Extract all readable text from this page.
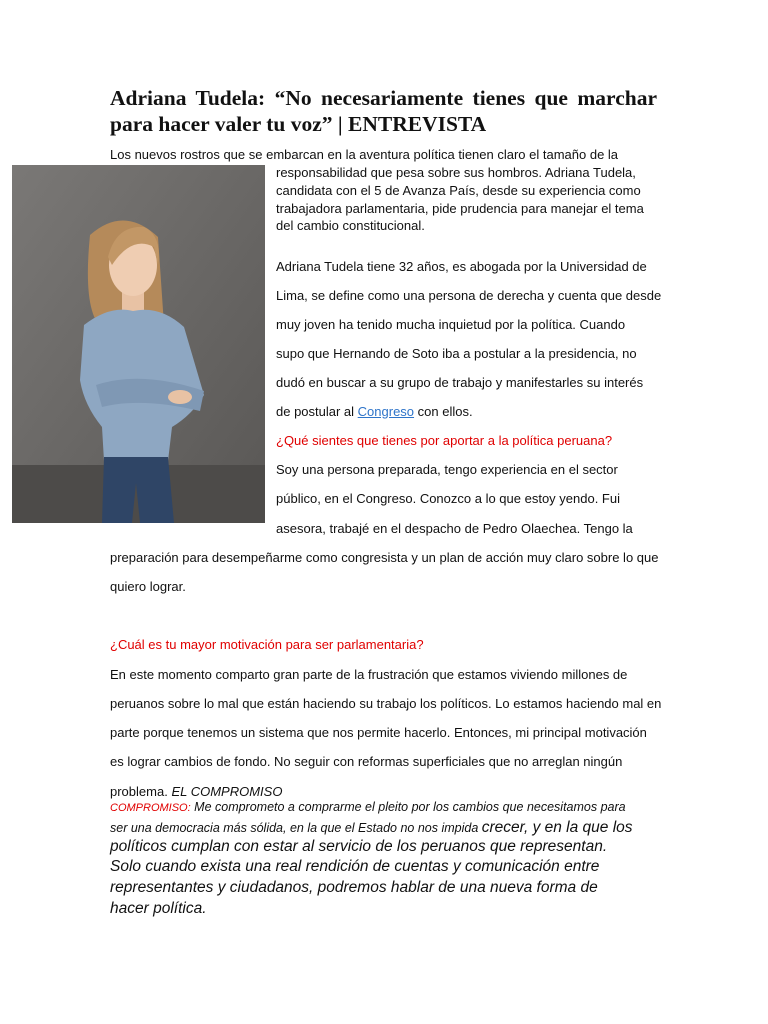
Adriana Tudela: “No necesariamente tienes que marchar para hacer valer tu voz” | ENTREVISTA

Los nuevos rostros que se embarcan en la aventura política tienen claro el tamaño de la

responsabilidad que pesa sobre sus hombros. Adriana Tudela,

candidata con el 5 de Avanza País, desde su experiencia como

trabajadora parlamentaria, pide prudencia para manejar el tema

del cambio constitucional.

Adriana Tudela tiene 32 años, es abogada por la Universidad de

Lima, se define como una persona de derecha y cuenta que desde

muy joven ha tenido mucha inquietud por la política. Cuando

supo que Hernando de Soto iba a postular a la presidencia, no

dudó en buscar a su grupo de trabajo y manifestarles su interés

de postular al Congreso con ellos.

¿Qué sientes que tienes por aportar a la política peruana?

Soy una persona preparada, tengo experiencia en el sector

público, en el Congreso. Conozco a lo que estoy yendo. Fui

asesora, trabajé en el despacho de Pedro Olaechea. Tengo la

preparación para desempeñarme como congresista y un plan de acción muy claro sobre lo que

quiero lograr.

¿Cuál es tu mayor motivación para ser parlamentaria?

En este momento comparto gran parte de la frustración que estamos viviendo millones de

peruanos sobre lo mal que están haciendo su trabajo los políticos. Lo estamos haciendo mal en

parte porque tenemos un sistema que nos permite hacerlo. Entonces, mi principal motivación

es lograr cambios de fondo. No seguir con reformas superficiales que no arreglan ningún

problema. EL COMPROMISO

COMPROMISO: Me comprometo a comprarme el pleito por los cambios que necesitamos para

ser una democracia más sólida, en la que el Estado no nos impida crecer, y en la que los

políticos cumplan con estar al servicio de los peruanos que representan.

Solo cuando exista una real rendición de cuentas y comunicación entre

representantes y ciudadanos, podremos hablar de una nueva forma de

hacer política.
